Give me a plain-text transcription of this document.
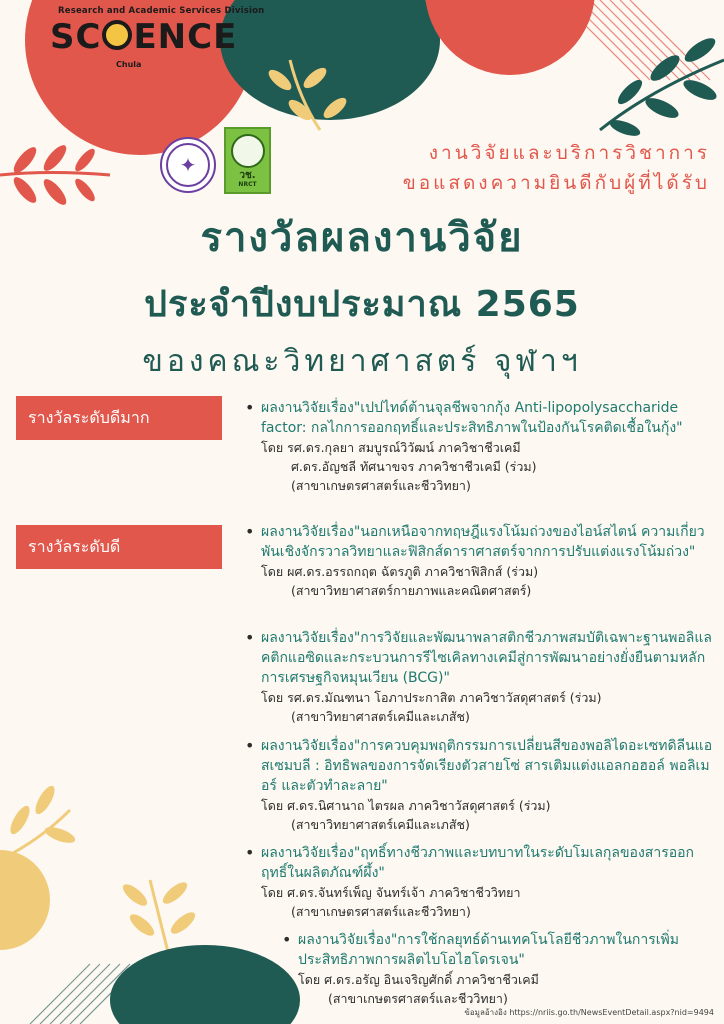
Research and Academic Services Division
SC ENCE
Chula
✦	วช.
NRCT
งานวิจัยและบริการวิชาการ
ขอแสดงความยินดีกับผู้ที่ได้รับ
รางวัลผลงานวิจัย
ประจำปีงบประมาณ 2565
ของคณะวิทยาศาสตร์ จุฬาฯ
รางวัลระดับดีมาก
รางวัลระดับดี
• ผลงานวิจัยเรื่อง"เปปไทด์ต้านจุลชีพจากกุ้ง Anti-lipopolysaccharide factor: กลไกการออกฤทธิ์และประสิทธิภาพในป้องกันโรคติดเชื้อในกุ้ง"
โดย รศ.ดร.กุลยา สมบูรณ์วิวัฒน์ ภาควิชาชีวเคมี
ศ.ดร.อัญชลี ทัศนาขจร ภาควิชาชีวเคมี (ร่วม)
(สาขาเกษตรศาสตร์และชีววิทยา)
• ผลงานวิจัยเรื่อง"นอกเหนือจากทฤษฎีแรงโน้มถ่วงของไอน์สไตน์ ความเกี่ยวพันเชิงจักรวาลวิทยาและฟิสิกส์ดาราศาสตร์จากการปรับแต่งแรงโน้มถ่วง"
โดย ผศ.ดร.อรรถกฤต ฉัตรภูติ ภาควิชาฟิสิกส์ (ร่วม)
(สาขาวิทยาศาสตร์กายภาพและคณิตศาสตร์)
• ผลงานวิจัยเรื่อง"การวิจัยและพัฒนาพลาสติกชีวภาพสมบัติเฉพาะฐานพอลิแลคติกแอซิดและกระบวนการรีไซเคิลทางเคมีสู่การพัฒนาอย่างยั่งยืนตามหลักการเศรษฐกิจหมุนเวียน (BCG)"
โดย รศ.ดร.มัณฑนา โอภาประกาสิต ภาควิชาวัสดุศาสตร์ (ร่วม)
(สาขาวิทยาศาสตร์เคมีและเภสัช)
• ผลงานวิจัยเรื่อง"การควบคุมพฤติกรรมการเปลี่ยนสีของพอลิไดอะเซทดิลีนแอสเซมบลี : อิทธิพลของการจัดเรียงตัวสายโซ่ สารเติมแต่งแอลกอฮอล์ พอลิเมอร์ และตัวทำละลาย"
โดย ศ.ดร.นิศานาถ ไตรผล ภาควิชาวัสดุศาสตร์ (ร่วม)
(สาขาวิทยาศาสตร์เคมีและเภสัช)
• ผลงานวิจัยเรื่อง"ฤทธิ์ทางชีวภาพและบทบาทในระดับโมเลกุลของสารออกฤทธิ์ในผลิตภัณฑ์ผึ้ง"
โดย ศ.ดร.จันทร์เพ็ญ จันทร์เจ้า ภาควิชาชีววิทยา
(สาขาเกษตรศาสตร์และชีววิทยา)
• ผลงานวิจัยเรื่อง"การใช้กลยุทธ์ด้านเทคโนโลยีชีวภาพในการเพิ่มประสิทธิภาพการผลิตไบโอไฮโดรเจน"
โดย ศ.ดร.อรัญ อินเจริญศักดิ์ ภาควิชาชีวเคมี
(สาขาเกษตรศาสตร์และชีววิทยา)
ข้อมูลอ้างอิง https://nriis.go.th/NewsEventDetail.aspx?nid=9494
